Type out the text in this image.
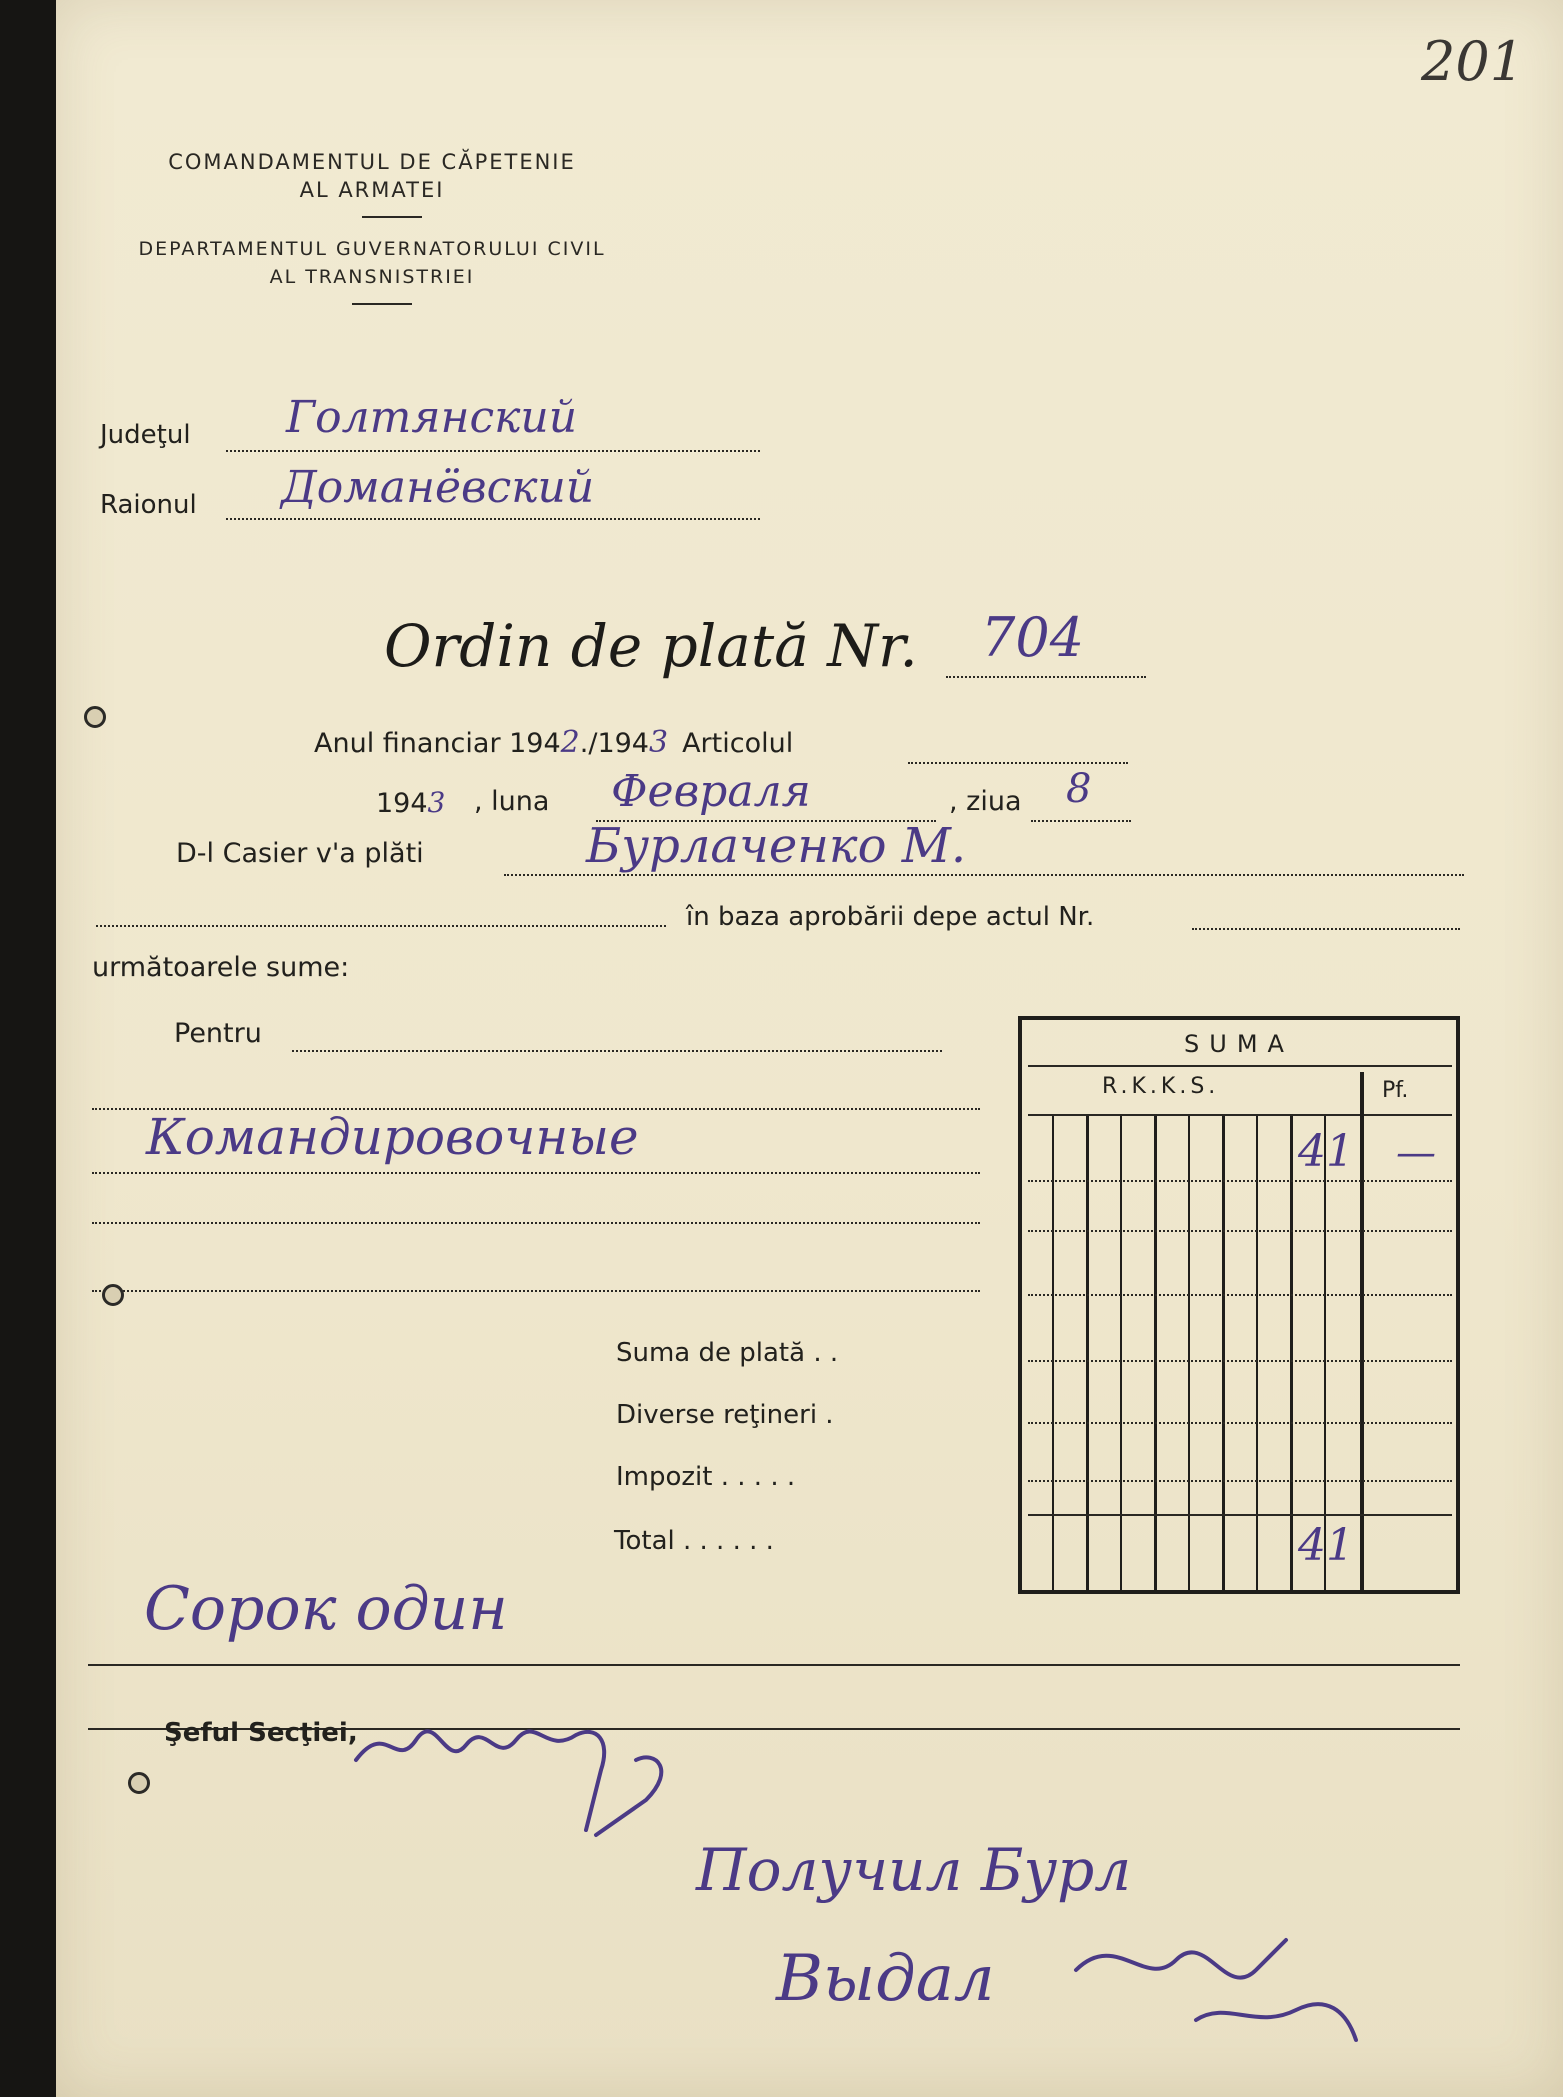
201
COMANDAMENTUL DE CĂPETENIE
AL ARMATEI
DEPARTAMENTUL GUVERNATORULUI CIVIL
AL TRANSNISTRIEI
Judeţul Голтянский
Raionul Доманёвский
Ordin de plată Nr. 704
Anul financiar 1942./1943 Articolul
1943 , luna Февраля	, ziua 8
D-l Casier v'a plăti	Бурлаченко М.
în baza aprobării depe actul Nr.
următoarele sume:
Pentru
Командировочные
SUMA
R.K.K.S.	Pf.
41 —
41
Suma de plată . .
Diverse reţineri .
Impozit . . . . .
Total . . . . . .
Сорок один
Şeful Secţiei,
Получил Бурл
Выдал
